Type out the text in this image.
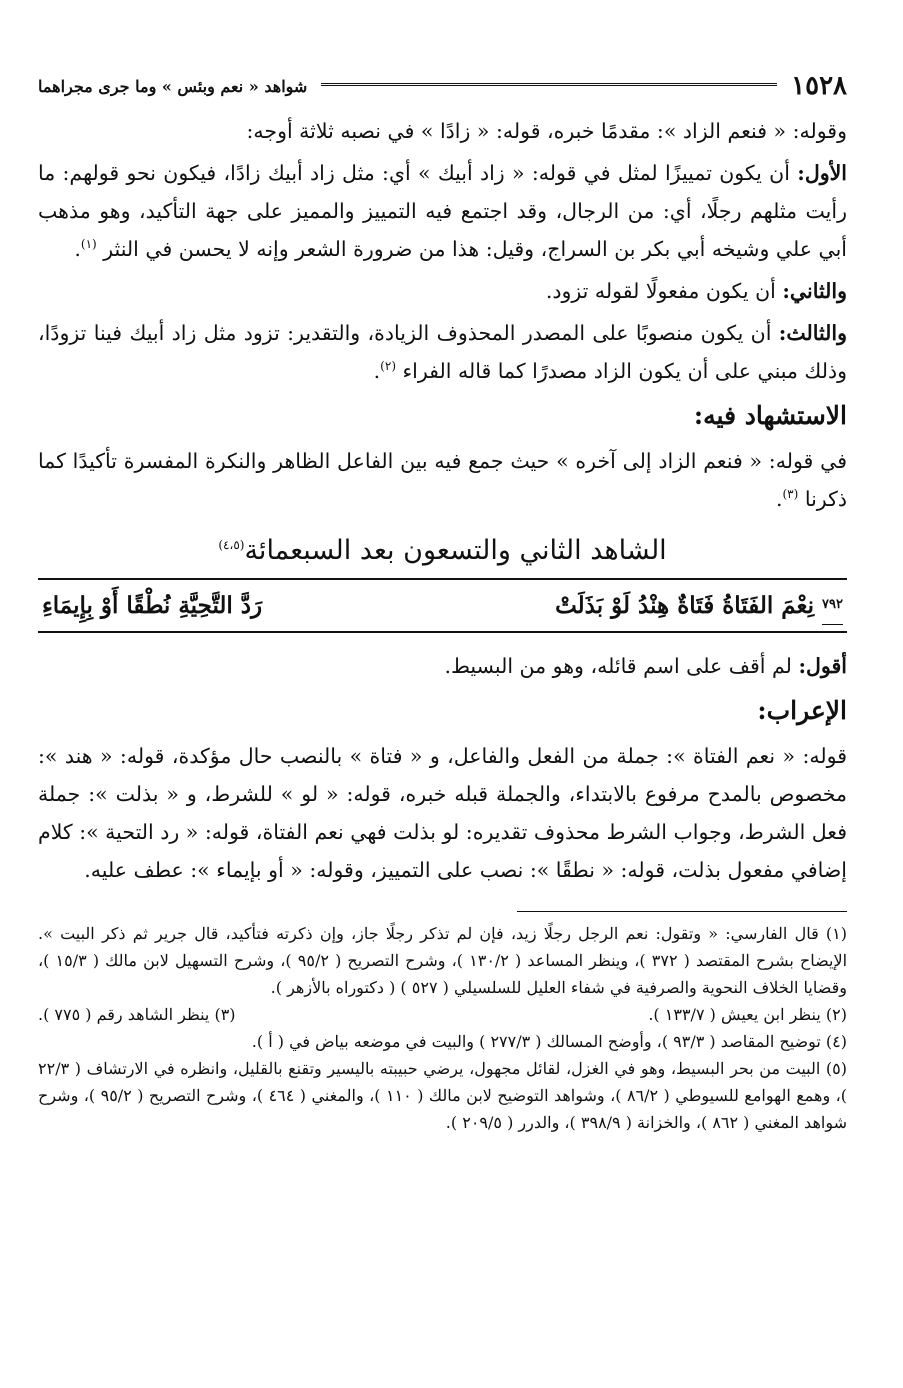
١٥٢٨
شواهد « نعم وبئس » وما جرى مجراهما

وقوله: « فنعم الزاد »: مقدمًا خبره، قوله: « زادًا » في نصبه ثلاثة أوجه:

الأول: أن يكون تمييزًا لمثل في قوله: « زاد أبيك » أي: مثل زاد أبيك زادًا، فيكون نحو قولهم: ما رأيت مثلهم رجلًا، أي: من الرجال، وقد اجتمع فيه التمييز والمميز على جهة التأكيد، وهو مذهب أبي علي وشيخه أبي بكر بن السراج، وقيل: هذا من ضرورة الشعر وإنه لا يحسن في النثر $^{(١)}$.

والثاني: أن يكون مفعولًا لقوله تزود.

والثالث: أن يكون منصوبًا على المصدر المحذوف الزيادة، والتقدير: تزود مثل زاد أبيك فينا تزودًا، وذلك مبني على أن يكون الزاد مصدرًا كما قاله الفراء $^{(٢)}$.

الاستشهاد فيه:

في قوله: « فنعم الزاد إلى آخره » حيث جمع فيه بين الفاعل الظاهر والنكرة المفسرة تأكيدًا كما ذكرنا $^{(٣)}$.

الشاهد الثاني والتسعون بعد السبعمائة$^{(٤،٥)}$
٧٩٢
نِعْمَ الفَتَاةُ فَتَاةٌ هِنْدُ لَوْ بَذَلَتْ
رَدَّ التَّحِيَّةِ نُطْقًا أَوْ بِإِيمَاءِ

أقول: لم أقف على اسم قائله، وهو من البسيط.

الإعراب:

قوله: « نعم الفتاة »: جملة من الفعل والفاعل، و « فتاة » بالنصب حال مؤكدة، قوله: « هند »: مخصوص بالمدح مرفوع بالابتداء، والجملة قبله خبره، قوله: « لو » للشرط، و « بذلت »: جملة فعل الشرط، وجواب الشرط محذوف تقديره: لو بذلت فهي نعم الفتاة، قوله: « رد التحية »: كلام إضافي مفعول بذلت، قوله: « نطقًا »: نصب على التمييز، وقوله: « أو بإيماء »: عطف عليه.

(١) قال الفارسي: « وتقول: نعم الرجل رجلًا زيد، فإن لم تذكر رجلًا جاز، وإن ذكرته فتأكيد، قال جرير ثم ذكر البيت ». الإيضاح بشرح المقتصد ( ٣٧٢ )، وينظر المساعد ( ١٣٠/٢ )، وشرح التصريح ( ٩٥/٢ )، وشرح التسهيل لابن مالك ( ١٥/٣ )، وقضايا الخلاف النحوية والصرفية في شفاء العليل للسلسيلي ( ٥٢٧ ) ( دكتوراه بالأزهر ).

(٢) ينظر ابن يعيش ( ١٣٣/٧ ).
(٣) ينظر الشاهد رقم ( ٧٧٥ ).

(٤) توضيح المقاصد ( ٩٣/٣ )، وأوضح المسالك ( ٢٧٧/٣ ) والبيت في موضعه بياض في ( أ ).

(٥) البيت من بحر البسيط، وهو في الغزل، لقائل مجهول، يرضي حبيبته باليسير وتقنع بالقليل، وانظره في الارتشاف ( ٢٢/٣ )، وهمع الهوامع للسيوطي ( ٨٦/٢ )، وشواهد التوضيح لابن مالك ( ١١٠ )، والمغني ( ٤٦٤ )، وشرح التصريح ( ٩٥/٢ )، وشرح شواهد المغني ( ٨٦٢ )، والخزانة ( ٣٩٨/٩ )، والدرر ( ٢٠٩/٥ ).
